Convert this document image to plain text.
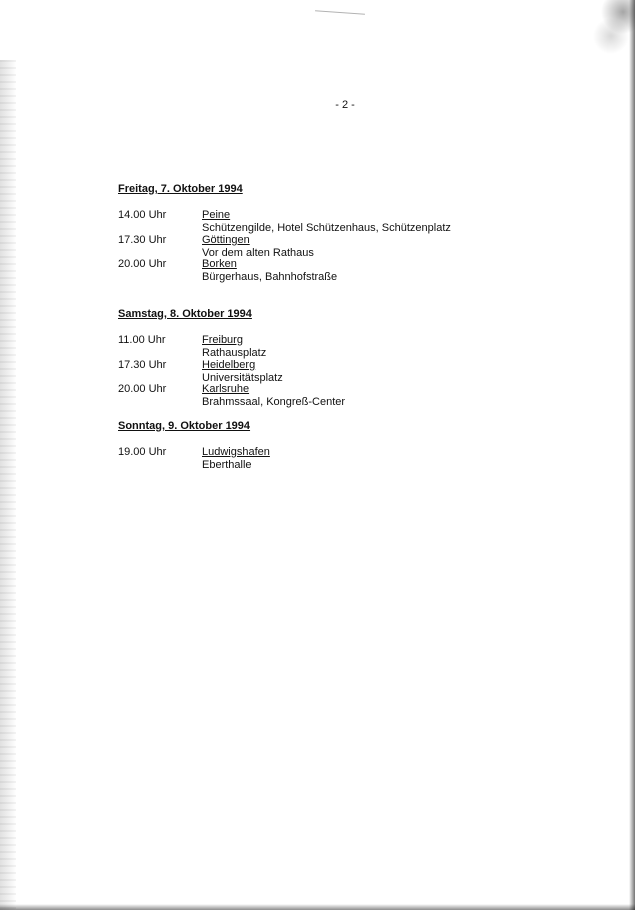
- 2 -
Freitag, 7. Oktober 1994
14.00 Uhr	Peine
Schützengilde, Hotel Schützenhaus, Schützenplatz
17.30 Uhr	Göttingen
Vor dem alten Rathaus
20.00 Uhr	Borken
Bürgerhaus, Bahnhofstraße
Samstag, 8. Oktober 1994
11.00 Uhr	Freiburg
Rathausplatz
17.30 Uhr	Heidelberg
Universitätsplatz
20.00 Uhr	Karlsruhe
Brahmssaal, Kongreß-Center
Sonntag, 9. Oktober 1994
19.00 Uhr	Ludwigshafen
Eberthalle
